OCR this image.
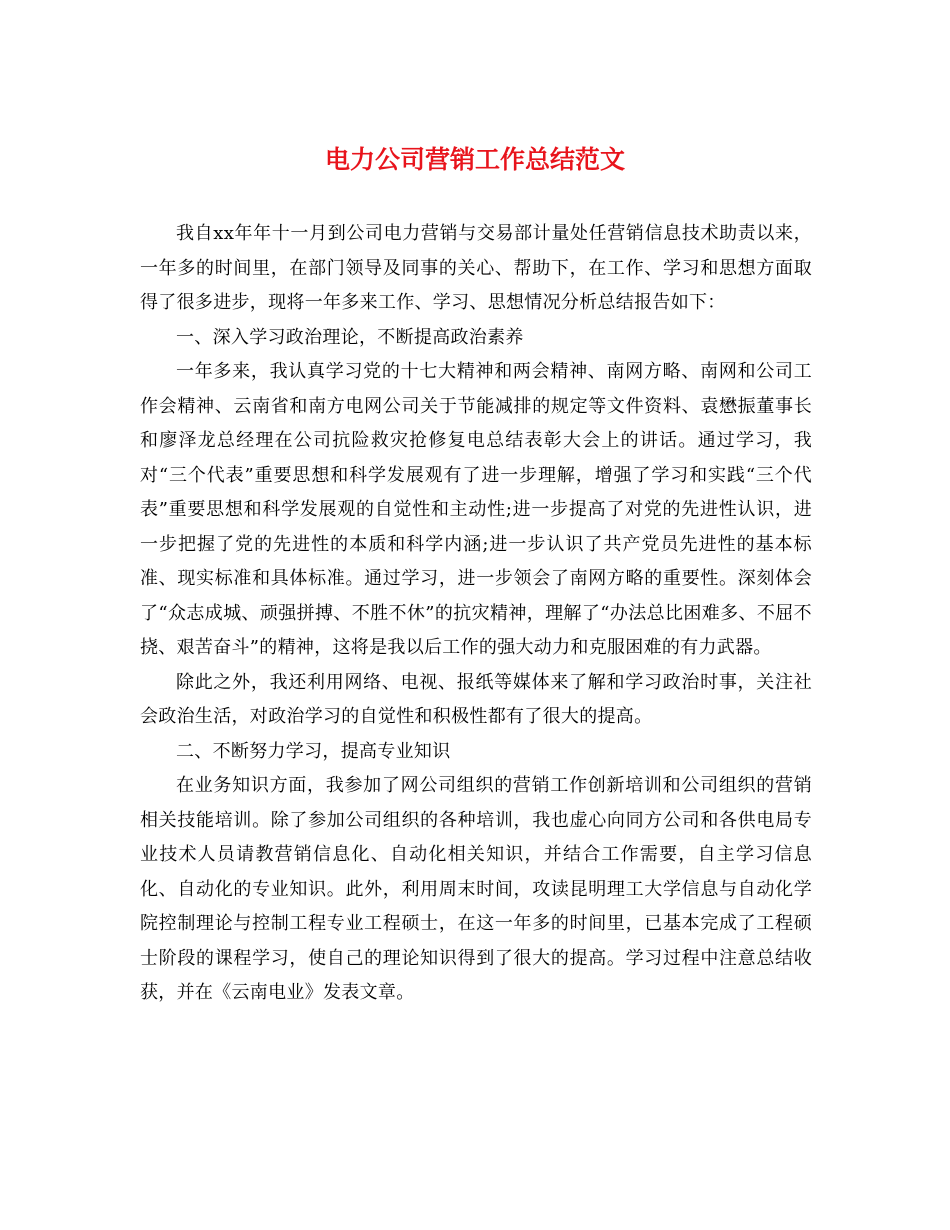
电力公司营销工作总结范文

我自xx年年十一月到公司电力营销与交易部计量处任营销信息技术助责以来，一年多的时间里，在部门领导及同事的关心、帮助下，在工作、学习和思想方面取得了很多进步，现将一年多来工作、学习、思想情况分析总结报告如下：

一、深入学习政治理论，不断提高政治素养

一年多来，我认真学习党的十七大精神和两会精神、南网方略、南网和公司工作会精神、云南省和南方电网公司关于节能减排的规定等文件资料、袁懋振董事长和廖泽龙总经理在公司抗险救灾抢修复电总结表彰大会上的讲话。通过学习，我对“三个代表”重要思想和科学发展观有了进一步理解，增强了学习和实践“三个代表”重要思想和科学发展观的自觉性和主动性;进一步提高了对党的先进性认识，进一步把握了党的先进性的本质和科学内涵;进一步认识了共产党员先进性的基本标准、现实标准和具体标准。通过学习，进一步领会了南网方略的重要性。深刻体会了“众志成城、顽强拼搏、不胜不休”的抗灾精神，理解了“办法总比困难多、不屈不挠、艰苦奋斗”的精神，这将是我以后工作的强大动力和克服困难的有力武器。

除此之外，我还利用网络、电视、报纸等媒体来了解和学习政治时事，关注社会政治生活，对政治学习的自觉性和积极性都有了很大的提高。

二、不断努力学习，提高专业知识

在业务知识方面，我参加了网公司组织的营销工作创新培训和公司组织的营销相关技能培训。除了参加公司组织的各种培训，我也虚心向同方公司和各供电局专业技术人员请教营销信息化、自动化相关知识，并结合工作需要，自主学习信息化、自动化的专业知识。此外，利用周末时间，攻读昆明理工大学信息与自动化学院控制理论与控制工程专业工程硕士，在这一年多的时间里，已基本完成了工程硕士阶段的课程学习，使自己的理论知识得到了很大的提高。学习过程中注意总结收获，并在《云南电业》发表文章。
